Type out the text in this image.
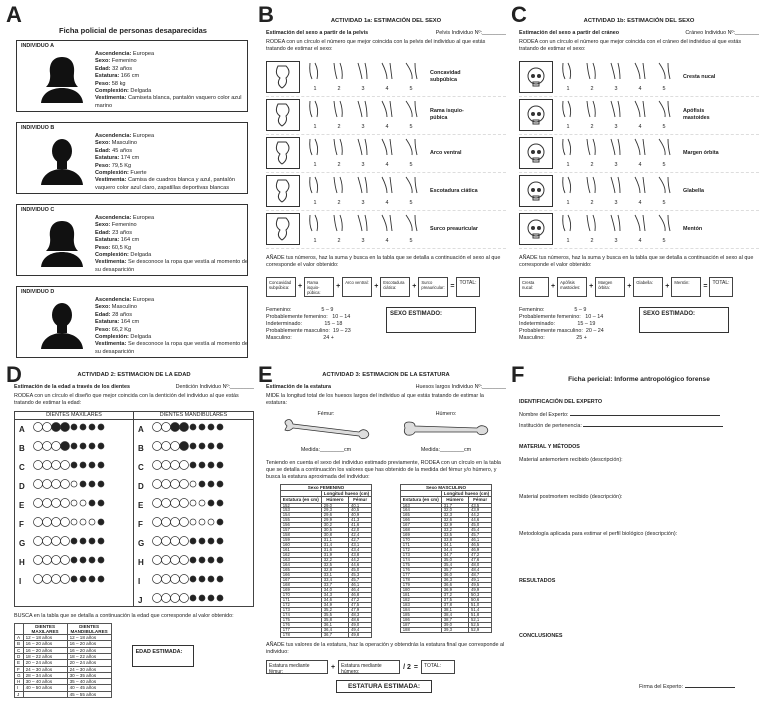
A	B	C
D	E	F
Ficha policial de personas desaparecidas
INDIVIDUO A
Ascendencia: Europea
Sexo: Femenino
Edad: 32 años
Estatura: 166 cm
Peso: 58 kg
Complexión: Delgada
Vestimenta: Camiseta blanca, pantalón vaquero color azul marino
INDIVIDUO B
Ascendencia: Europea
Sexo: Masculino
Edad: 45 años
Estatura: 174 cm
Peso: 79,5 Kg
Complexión: Fuerte
Vestimenta: Camisa de cuadros blanca y azul, pantalón vaquero color azul claro, zapatillas deportivas blancas
INDIVIDUO C
Ascendencia: Europea
Sexo: Femenino
Edad: 23 años
Estatura: 164 cm
Peso: 60,5 Kg
Complexión: Delgada
Vestimenta: Se desconoce la ropa que vestía al momento de su desaparición
INDIVIDUO D
Ascendencia: Europea
Sexo: Masculino
Edad: 28 años
Estatura: 164 cm
Peso: 66,2 Kg
Complexión: Delgada
Vestimenta: Se desconoce la ropa que vestía al momento de su desaparición
ACTIVIDAD 1a: ESTIMACIÓN DEL SEXO
Estimación del sexo a partir de la pelvis	Pelvis Individuo Nº:________
RODEA con un círculo el número que mejor coincida con la pelvis del individuo al que estás tratando de estimar el sexo:
1	2	3	4	5
Concavidad subpúbica
1	2	3	4	5
Rama isquio-púbica
1	2	3	4	5
Arco ventral
1	2	3	4	5
Escotadura ciática
1	2	3	4	5
Surco preauricular
AÑADE tus números, haz la suma y busca en la tabla que se detalla a continuación el sexo al que corresponde el valor obtenido:
Concavidad subpúbica:	+
Rama isquio-púbica:
+
Arco ventral:
+
Escotadura ciática:	+
Surco preauricular: =
TOTAL:
Femenino:                    5 – 9
Probablemente femenino:   10 – 14
Indeterminado:               15 – 18
Probablemente masculino:  19 – 23
Masculino:                     24 +
SEXO ESTIMADO:
ACTIVIDAD 1b: ESTIMACIÓN DEL SEXO
Estimación del sexo a partir del cráneo	Cráneo Individuo Nº:________
RODEA con un círculo el número que mejor coincida con el cráneo del individuo al que estás tratando de estimar el sexo:
1	2	3	4	5
Cresta nucal
1	2	3	4	5
Apófisis mastoides
1	2	3	4	5
Margen órbita
1	2	3	4	5
Glabella
1	2	3	4	5
Mentón
AÑADE tus números, haz la suma y busca en la tabla que se detalla a continuación el sexo al que corresponde el valor obtenido:
Cresta nucal:	+
Apófisis mastoides:	+
Margen órbita:	+
Glabella:
+
Mentón:
=
TOTAL:
Femenino:                    5 – 9
Probablemente femenino:   10 – 14
Indeterminado:               15 – 19
Probablemente masculino:  20 – 24
Masculino:                     25 +
SEXO ESTIMADO:
ACTIVIDAD 2: ESTIMACIÓN DE LA EDAD
Estimación de la edad a través de los dientes	Dentición Individuo Nº:________
RODEA con un círculo el diseño que mejor coincida con la dentición del individuo al que estás tratando de estimar la edad:
DIENTES MAXILARES
A
B
C
D
E
F
G
H
I
DIENTES MANDIBULARES
A
B
C
D
E
F
G
H
I
J
BUSCA en la tabla que se detalla a continuación la edad que corresponde al valor obtenido:
	DIENTES MAXILARES	DIENTES MANDIBULARES
A	12 – 18 años	12 – 18 años
B	16 – 20 años	16 – 20 años
C	16 – 20 años	16 – 20 años
D	18 – 22 años	18 – 22 años
E	20 – 24 años	20 – 24 años
F	24 – 30 años	24 – 30 años
G	28 – 34 años	30 – 35 años
H	30 – 40 años	35 – 40 años
I	40 – 50 años	40 – 45 años
J		45 – 55 años
EDAD ESTIMADA:
ACTIVIDAD 3: ESTIMACIÓN DE LA ESTATURA
Estimación de la estatura	Huesos largos Individuo Nº:________
MIDE la longitud total de los huesos largos del individuo al que estás tratando de estimar la estatura:
Fémur:
Medida:________cm
Húmero:
Medida:________cm
Teniendo en cuenta el sexo del individuo estimado previamente, RODEA con un círculo en la tabla que se detalla a continuación los valores que has obtenido de la medida del fémur y/o húmero, y busca la estatura aproximada del individuo:
Sexo FEMENINO		
	Longitud hueso (cm)	
Estatura (en cm)	Húmero	Fémur
152	29,0	40,1
153	29,3	40,5
154	29,6	40,9
155	29,9	41,3
156	30,2	41,6
157	30,5	42,0
158	30,8	42,4
159	31,1	42,7
160	31,4	43,1
161	31,6	43,4
162	31,9	43,8
163	32,2	44,2
164	32,5	44,6
165	32,8	45,0
166	33,1	45,3
167	33,4	45,7
168	33,7	46,1
169	34,0	46,4
170	34,3	46,8
171	34,6	47,2
172	34,9	47,5
173	35,2	47,9
174	35,5	48,3
175	35,8	48,6
176	36,1	49,0
177	36,4	49,4
178	36,7	49,8
Sexo MASCULINO		
	Longitud hueso (cm)	
Estatura (en cm)	Húmero	Fémur
163	31,7	43,5
164	32,0	43,9
165	32,3	44,2
166	32,6	44,6
167	32,9	45,0
168	33,2	45,4
169	33,5	45,7
170	33,8	46,1
171	34,1	46,5
172	34,4	46,9
173	34,7	47,2
174	35,0	47,6
175	35,4	48,0
176	35,7	48,4
177	36,0	48,7
178	36,3	49,1
179	36,6	49,5
180	36,9	49,9
181	37,2	50,3
182	37,5	50,6
183	37,8	51,0
184	38,1	51,4
185	38,4	51,8
186	38,7	52,1
187	39,0	52,5
188	39,3	52,9
AÑADE tus valores de la estatura, haz la operación y obtendrás la estatura final que corresponde al individuo:
Estatura mediante fémur:
+	Estatura mediante húmero:
/ 2 =	TOTAL:
ESTATURA ESTIMADA:
Ficha pericial: Informe antropológico forense
IDENTIFICACIÓN DEL EXPERTO
Nombre del Experto:
Institución de pertenencia:
MATERIAL Y MÉTODOS
Material antemortem recibido (descripción):
Material postmortem recibido (descripción):
Metodología aplicada para estimar el perfil biológico (descripción):
RESULTADOS
CONCLUSIONES
Firma del Experto:
